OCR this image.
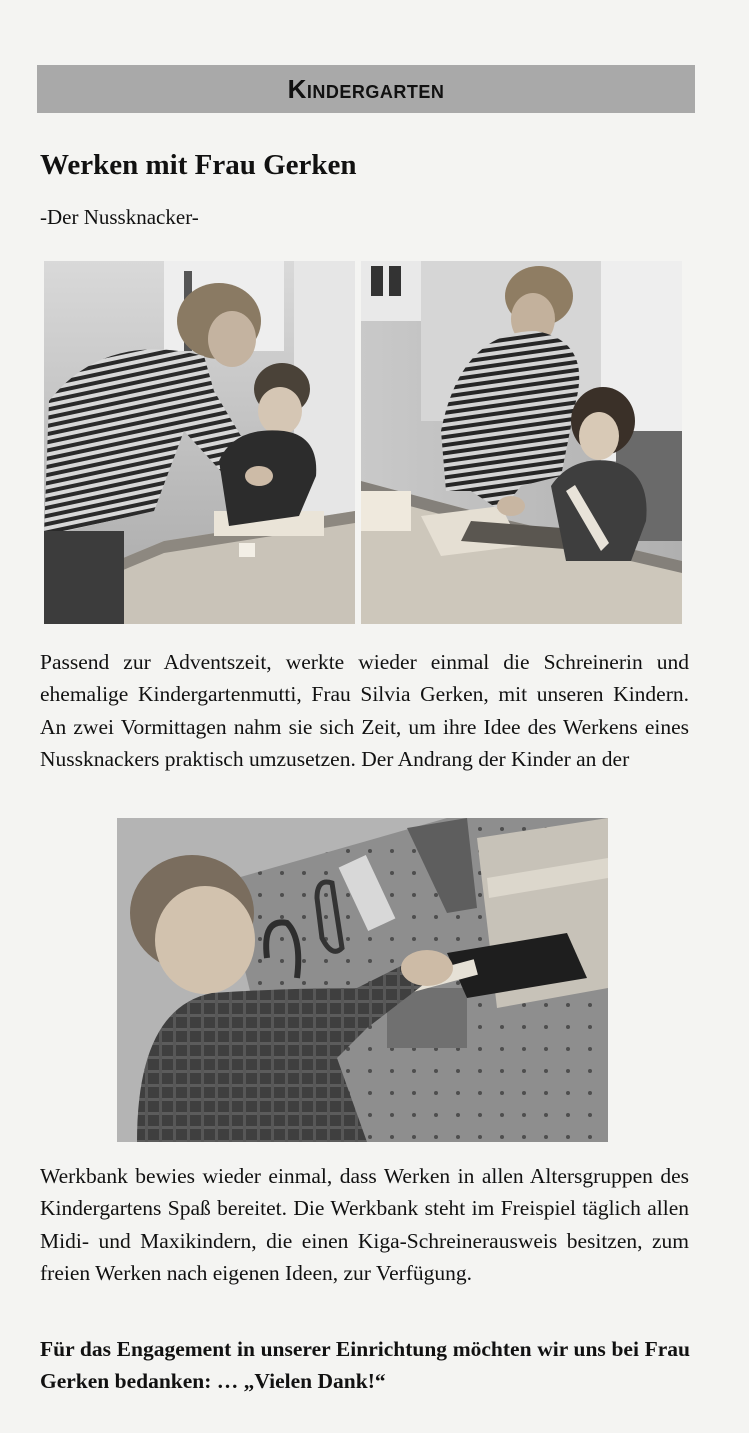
Kindergarten
Werken mit Frau Gerken
-Der Nussknacker-
Passend zur Adventszeit, werkte wieder einmal die Schreinerin und ehemalige Kindergartenmutti, Frau Silvia Gerken, mit unseren Kindern. An zwei Vormittagen nahm sie sich Zeit, um ihre Idee des Werkens eines Nussknackers praktisch umzusetzen. Der Andrang der Kinder an der
Werkbank bewies wieder einmal, dass Werken in allen Altersgruppen des Kindergartens Spaß bereitet. Die Werkbank steht im Freispiel täglich allen Midi- und Maxikindern, die einen Kiga-Schreinerausweis besitzen, zum freien Werken nach eigenen Ideen, zur Verfügung.
Für das Engagement in unserer Einrichtung möchten wir uns bei Frau Gerken bedanken: … „Vielen Dank!“
